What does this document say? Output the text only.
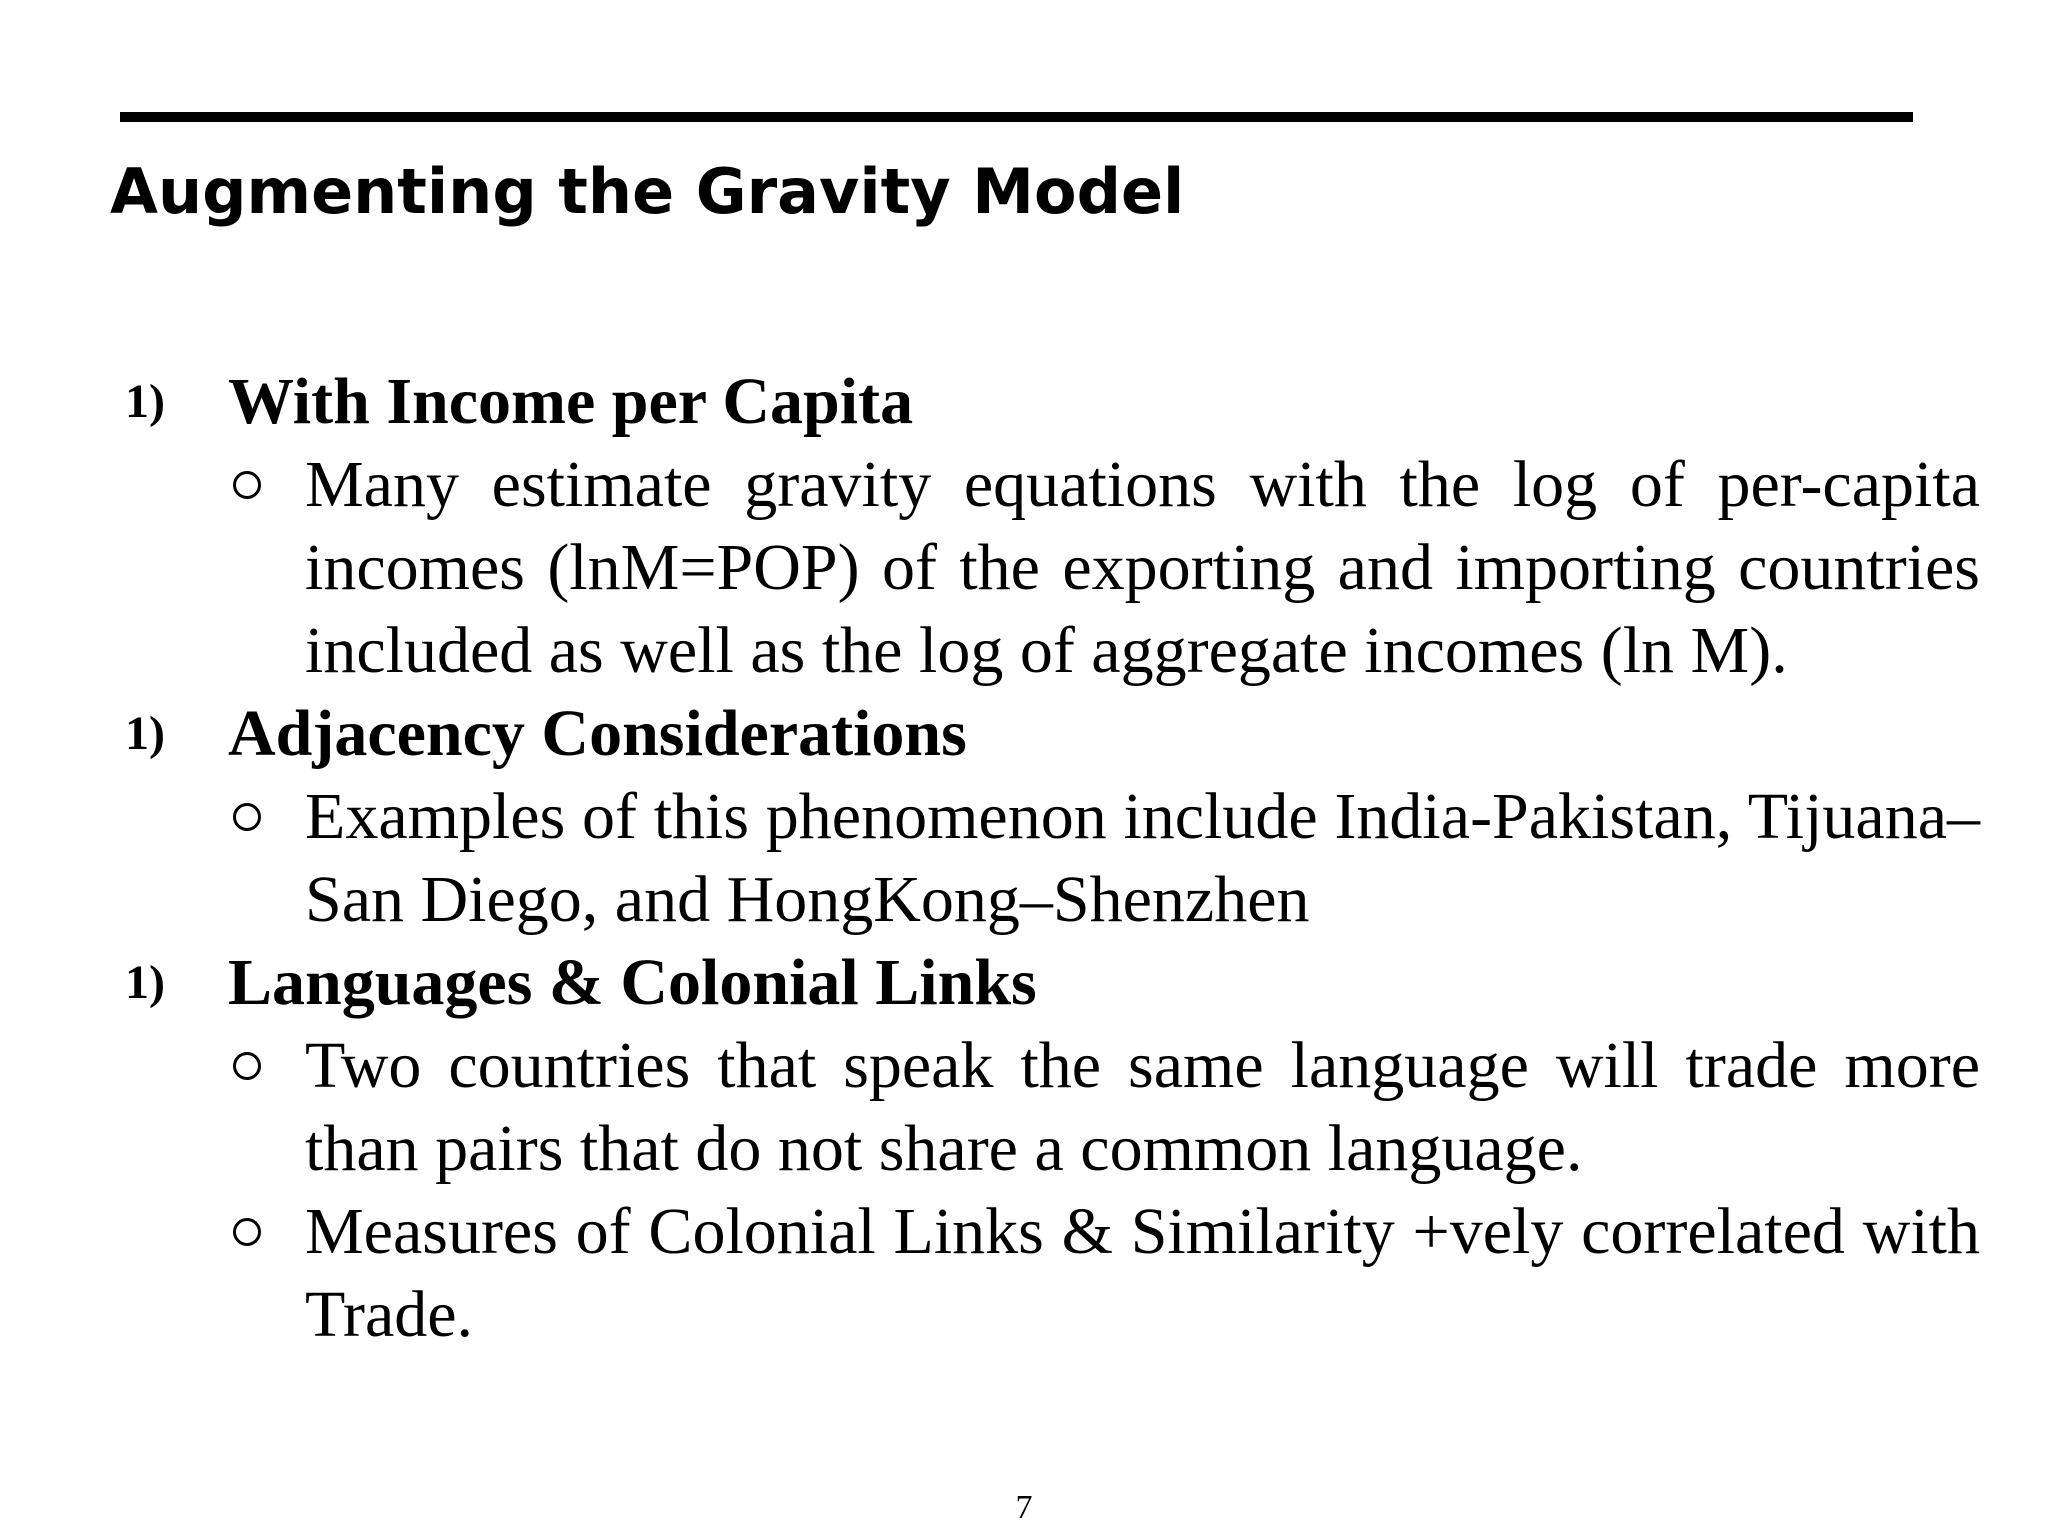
Augmenting the Gravity Model
1) With Income per Capita
Many estimate gravity equations with the log of per-capita incomes (lnM=POP) of the exporting and importing countries included as well as the log of aggregate incomes (ln M).
1) Adjacency Considerations
Examples of this phenomenon include India-Pakistan, Tijuana–San Diego, and HongKong–Shenzhen
1) Languages & Colonial Links
Two countries that speak the same language will trade more than pairs that do not share a common language.
Measures of Colonial Links & Similarity +vely correlated with Trade.
7
